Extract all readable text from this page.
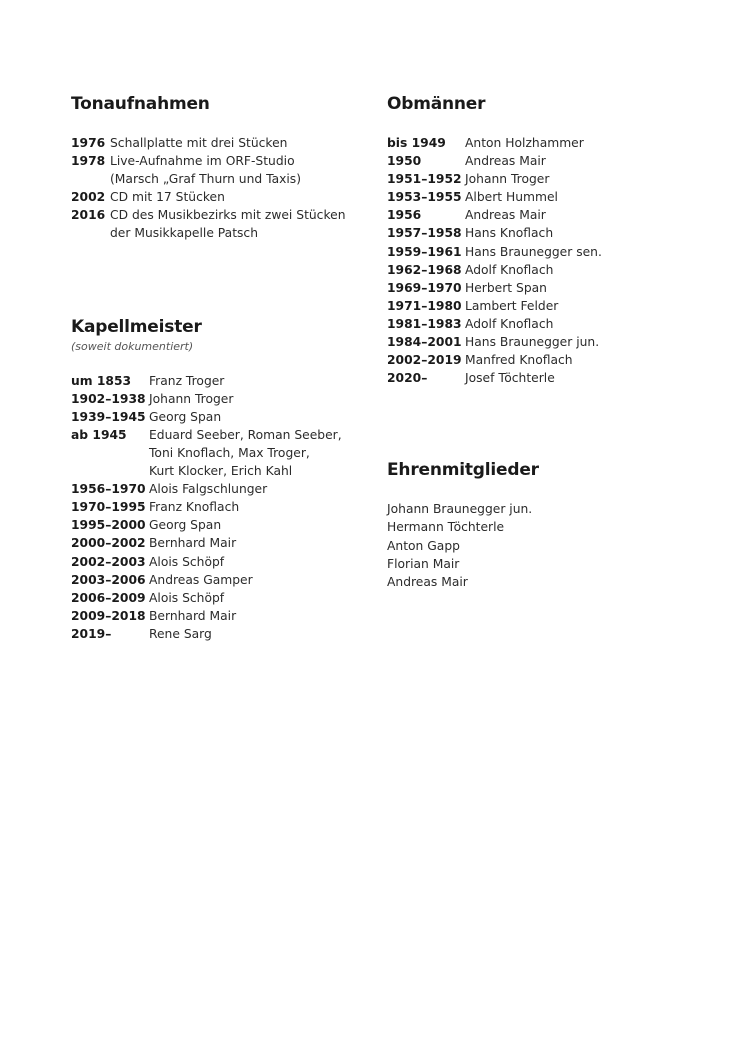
Tonaufnahmen
1976 Schallplatte mit drei Stücken
1978 Live-Aufnahme im ORF-Studio
(Marsch „Graf Thurn und Taxis)
2002 CD mit 17 Stücken
2016 CD des Musikbezirks mit zwei Stücken
der Musikkapelle Patsch
Kapellmeister

(soweit dokumentiert)

um 1853	Franz Troger
1902–1938 Johann Troger
1939–1945 Georg Span
ab 1945	Eduard Seeber, Roman Seeber,
Toni Knoflach, Max Troger,
Kurt Klocker, Erich Kahl
1956–1970 Alois Falgschlunger
1970–1995 Franz Knoflach
1995–2000 Georg Span
2000–2002 Bernhard Mair
2002–2003 Alois Schöpf
2003–2006 Andreas Gamper
2006–2009 Alois Schöpf
2009–2018 Bernhard Mair
2019–	Rene Sarg
Obmänner
bis 1949	Anton Holzhammer
1950	Andreas Mair
1951–1952 Johann Troger
1953–1955 Albert Hummel
1956	Andreas Mair
1957–1958 Hans Knoflach
1959–1961 Hans Braunegger sen.
1962–1968 Adolf Knoflach
1969–1970 Herbert Span
1971–1980 Lambert Felder
1981–1983 Adolf Knoflach
1984–2001 Hans Braunegger jun.
2002–2019 Manfred Knoflach
2020–	Josef Töchterle
Ehrenmitglieder
Johann Braunegger jun.
Hermann Töchterle
Anton Gapp
Florian Mair
Andreas Mair
